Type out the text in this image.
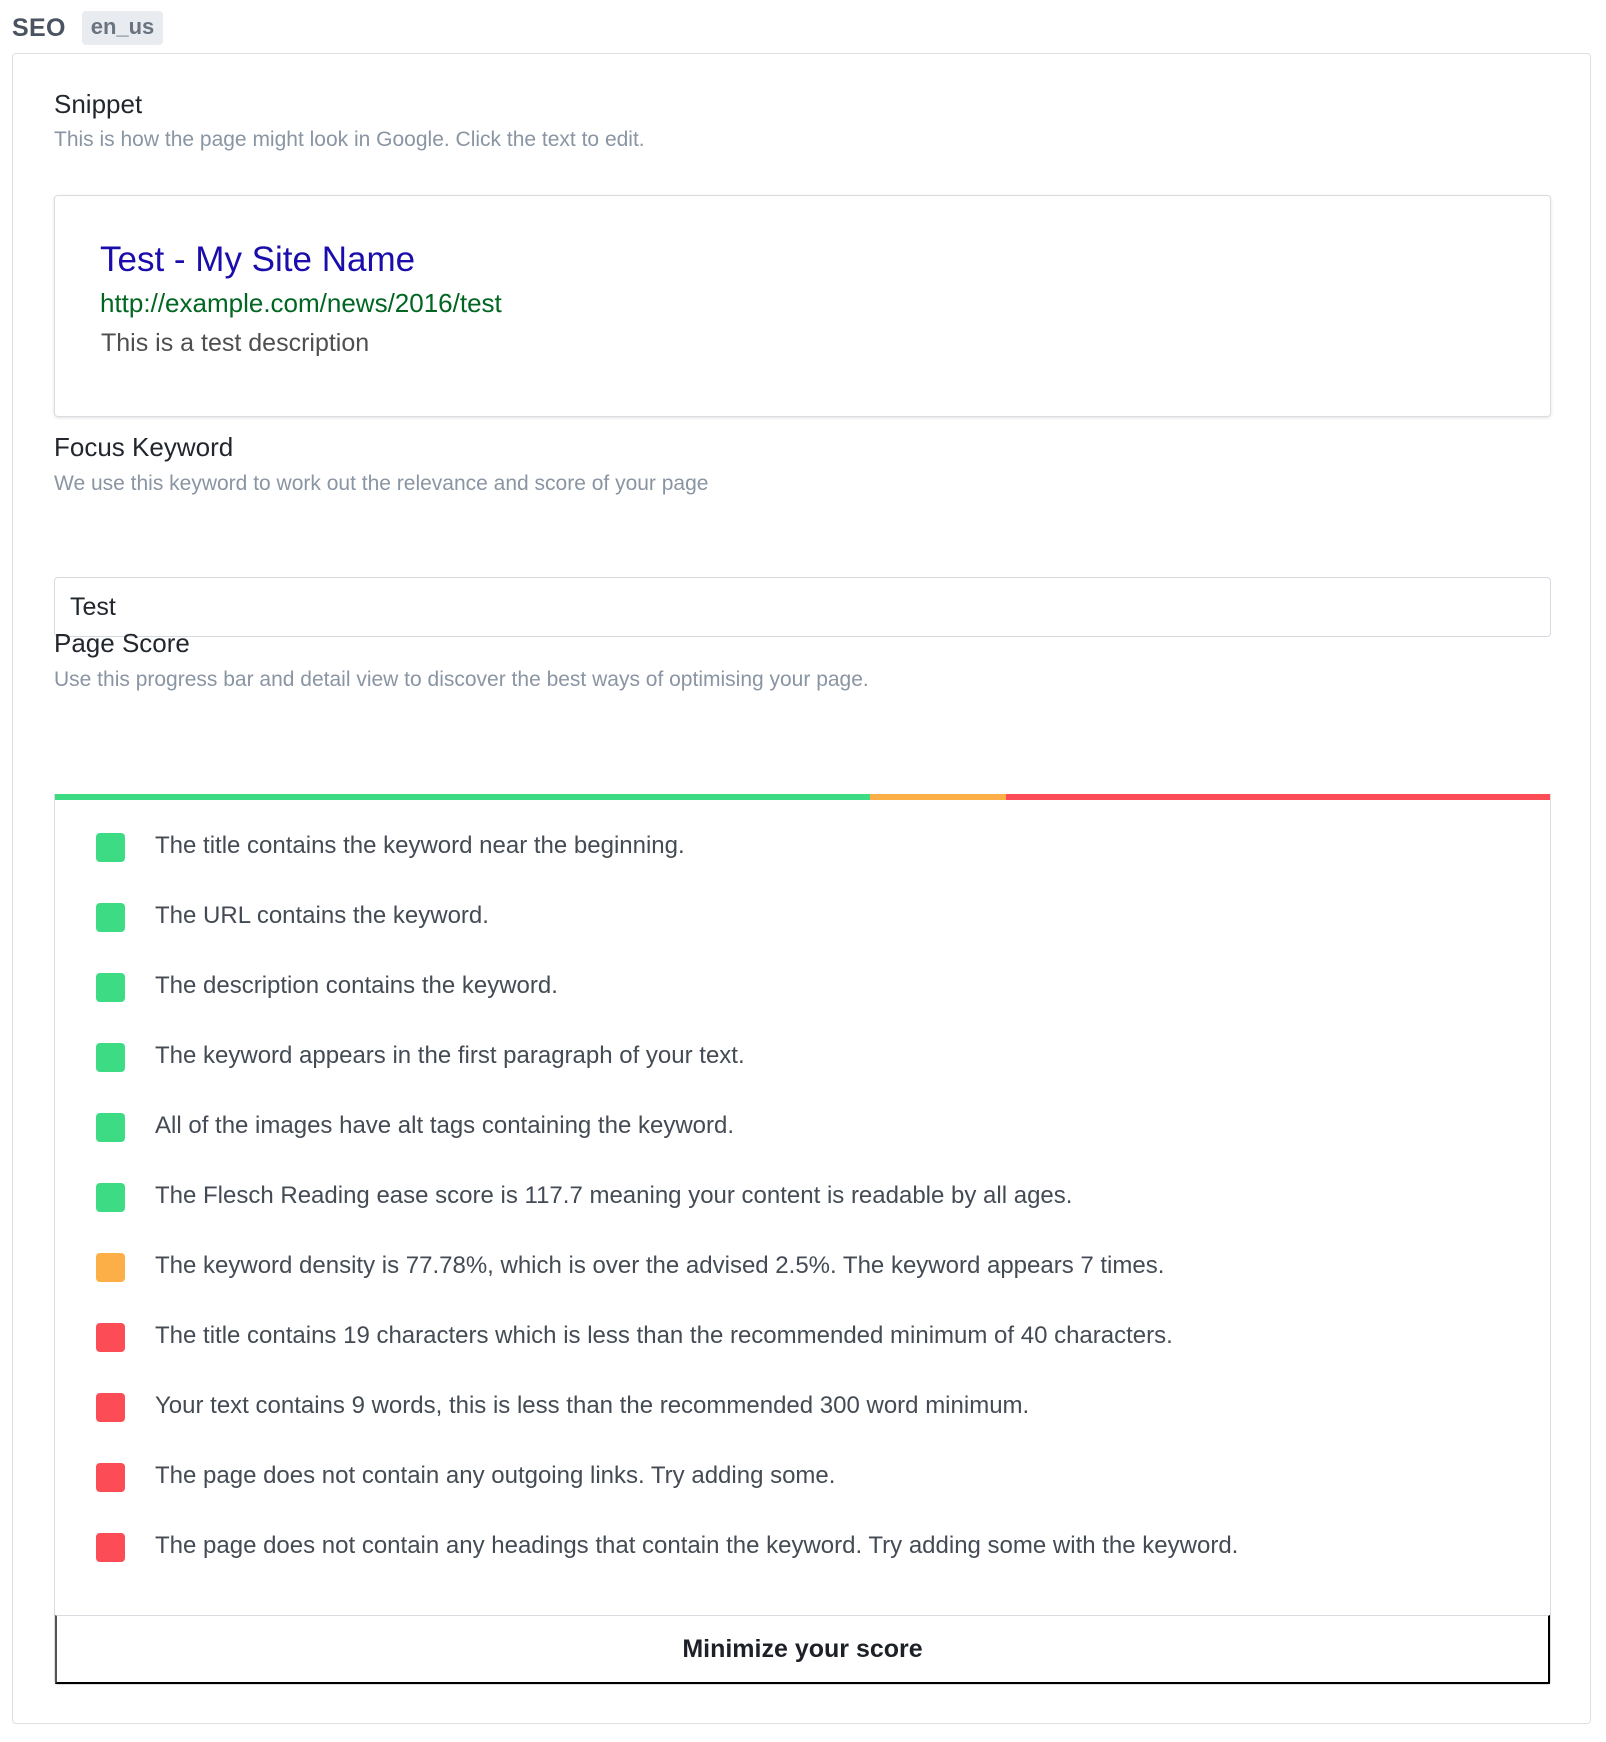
SEO	en_us
Snippet
This is how the page might look in Google. Click the text to edit.
Test - My Site Name
http://example.com/news/2016/test
This is a test description
Focus Keyword
We use this keyword to work out the relevance and score of your page
Test
Page Score
Use this progress bar and detail view to discover the best ways of optimising your page.
The title contains the keyword near the beginning.
The URL contains the keyword.
The description contains the keyword.
The keyword appears in the first paragraph of your text.
All of the images have alt tags containing the keyword.
The Flesch Reading ease score is 117.7 meaning your content is readable by all ages.
The keyword density is 77.78%, which is over the advised 2.5%. The keyword appears 7 times.
The title contains 19 characters which is less than the recommended minimum of 40 characters.
Your text contains 9 words, this is less than the recommended 300 word minimum.
The page does not contain any outgoing links. Try adding some.
The page does not contain any headings that contain the keyword. Try adding some with the keyword.
Minimize your score
